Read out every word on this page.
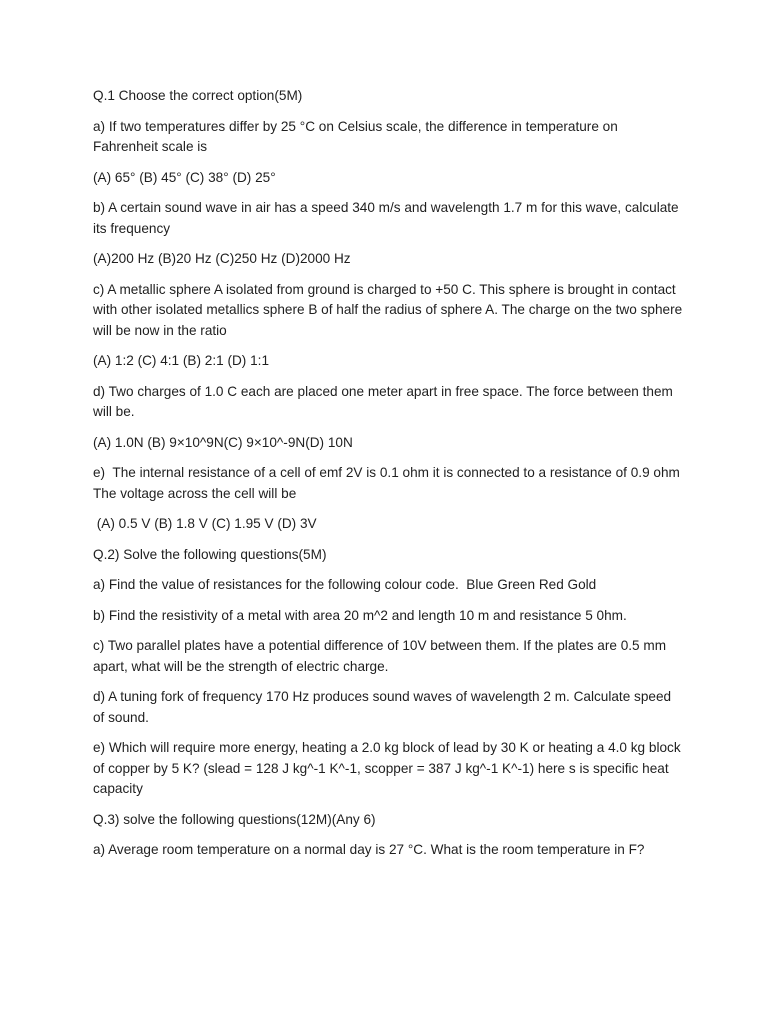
Q.1 Choose the correct option(5M)

a) If two temperatures differ by 25 °C on Celsius scale, the difference in temperature on Fahrenheit scale is

(A) 65° (B) 45° (C) 38° (D) 25°

b) A certain sound wave in air has a speed 340 m/s and wavelength 1.7 m for this wave, calculate its frequency

(A)200 Hz (B)20 Hz (C)250 Hz (D)2000 Hz

c) A metallic sphere A isolated from ground is charged to +50 C. This sphere is brought in contact with other isolated metallics sphere B of half the radius of sphere A. The charge on the two sphere will be now in the ratio

(A) 1:2 (C) 4:1 (B) 2:1 (D) 1:1

d) Two charges of 1.0 C each are placed one meter apart in free space. The force between them will be.

(A) 1.0N (B) 9×10^9N(C) 9×10^-9N(D) 10N

e)  The internal resistance of a cell of emf 2V is 0.1 ohm it is connected to a resistance of 0.9 ohm The voltage across the cell will be

(A) 0.5 V (B) 1.8 V (C) 1.95 V (D) 3V

Q.2) Solve the following questions(5M)

a) Find the value of resistances for the following colour code.  Blue Green Red Gold

b) Find the resistivity of a metal with area 20 m^2 and length 10 m and resistance 5 0hm.

c) Two parallel plates have a potential difference of 10V between them. If the plates are 0.5 mm apart, what will be the strength of electric charge.

d) A tuning fork of frequency 170 Hz produces sound waves of wavelength 2 m. Calculate speed of sound.

e) Which will require more energy, heating a 2.0 kg block of lead by 30 K or heating a 4.0 kg block of copper by 5 K? (slead = 128 J kg^-1 K^-1, scopper = 387 J kg^-1 K^-1) here s is specific heat capacity

Q.3) solve the following questions(12M)(Any 6)

a) Average room temperature on a normal day is 27 °C. What is the room temperature in F?
